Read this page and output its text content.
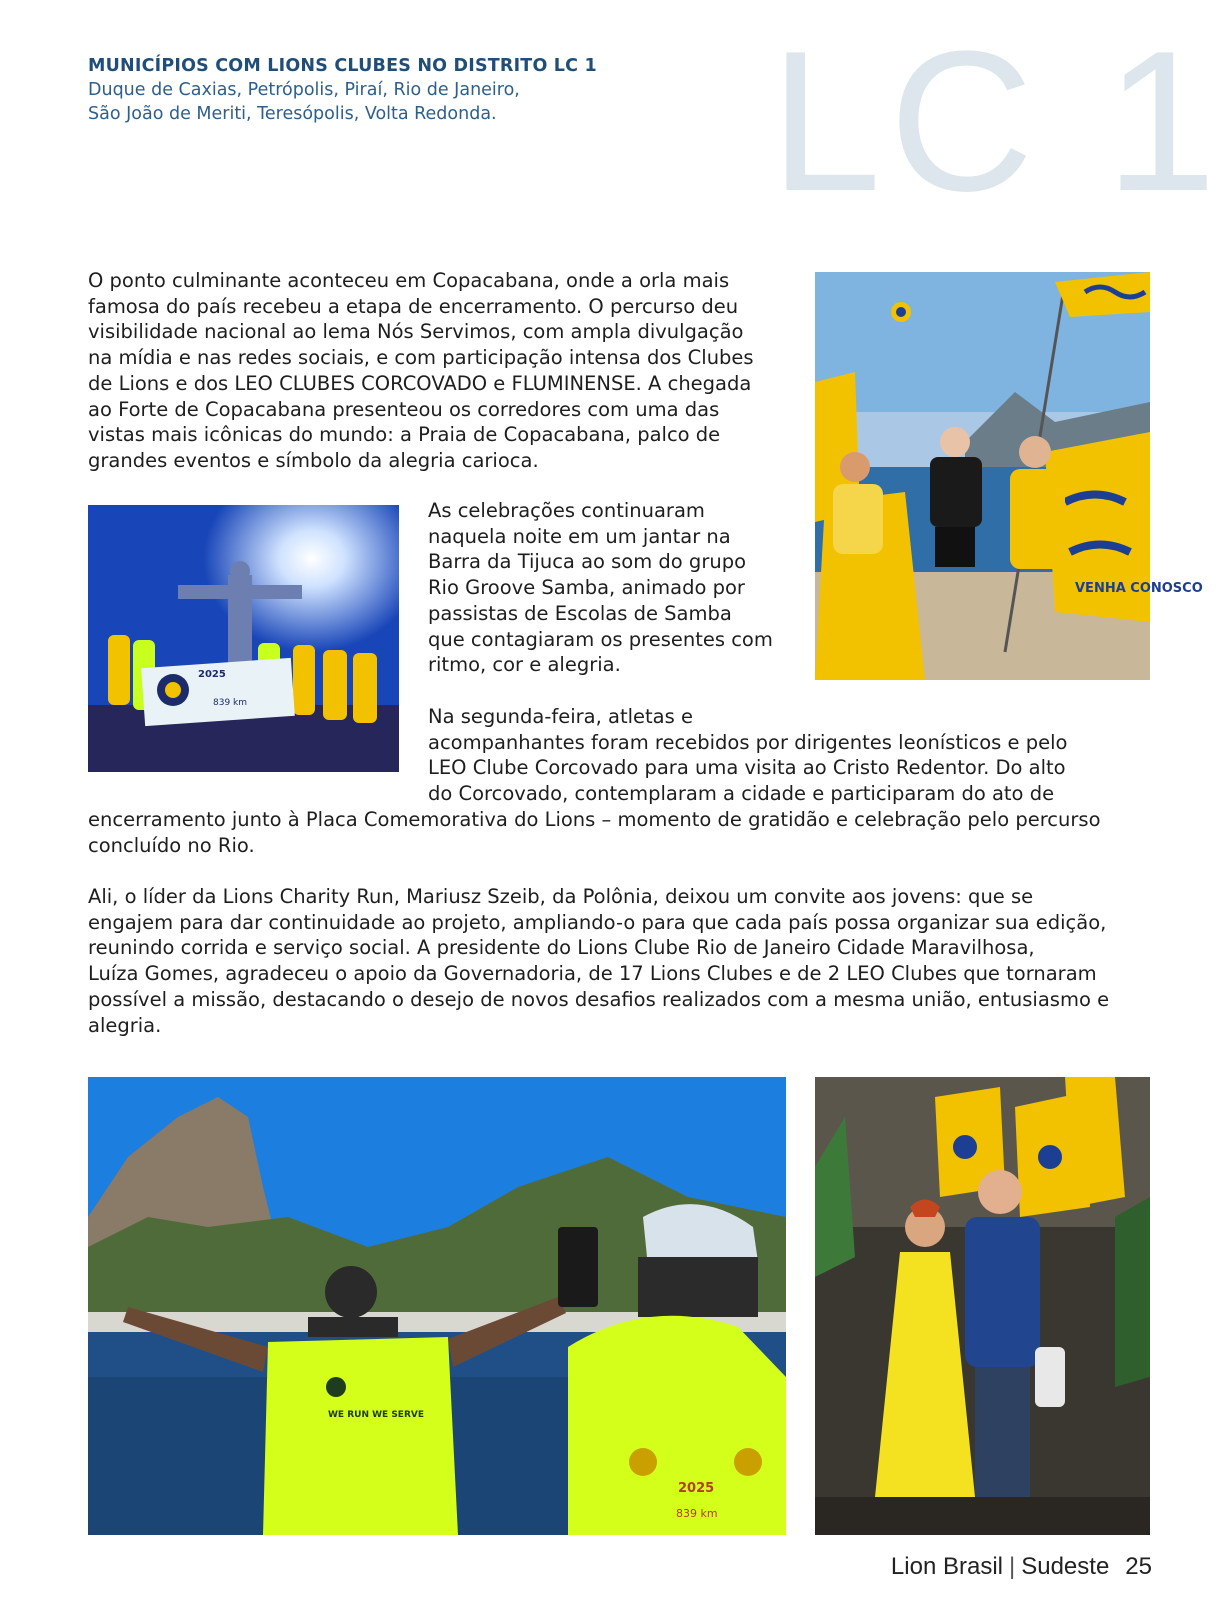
MUNICÍPIOS COM LIONS CLUBES NO DISTRITO LC 1
Duque de Caxias, Petrópolis, Piraí, Rio de Janeiro,
São João de Meriti, Teresópolis, Volta Redonda. LC 1

O ponto culminante aconteceu em Copacabana, onde a orla mais
famosa do país recebeu a etapa de encerramento. O percurso deu
visibilidade nacional ao lema Nós Servimos, com ampla divulgação
na mídia e nas redes sociais, e com participação intensa dos Clubes
de Lions e dos LEO CLUBES CORCOVADO e FLUMINENSE. A chegada
ao Forte de Copacabana presenteou os corredores com uma das
vistas mais icônicas do mundo: a Praia de Copacabana, palco de
grandes eventos e símbolo da alegria carioca.

VENHA CONOSCO
2025
839 km

As celebrações continuaram
naquela noite em um jantar na
Barra da Tijuca ao som do grupo
Rio Groove Samba, animado por
passistas de Escolas de Samba
que contagiaram os presentes com
ritmo, cor e alegria.

Na segunda-feira, atletas e
acompanhantes foram recebidos por dirigentes leonísticos e pelo
LEO Clube Corcovado para uma visita ao Cristo Redentor. Do alto
do Corcovado, contemplaram a cidade e participaram do ato de

encerramento junto à Placa Comemorativa do Lions – momento de gratidão e celebração pelo percurso
concluído no Rio.

Ali, o líder da Lions Charity Run, Mariusz Szeib, da Polônia, deixou um convite aos jovens: que se
engajem para dar continuidade ao projeto, ampliando-o para que cada país possa organizar sua edição,
reunindo corrida e serviço social. A presidente do Lions Clube Rio de Janeiro Cidade Maravilhosa,
Luíza Gomes, agradeceu o apoio da Governadoria, de 17 Lions Clubes e de 2 LEO Clubes que tornaram
possível a missão, destacando o desejo de novos desafios realizados com a mesma união, entusiasmo e
alegria.

WE RUN WE SERVE
2025
839 km
Lion Brasil | Sudeste 25
